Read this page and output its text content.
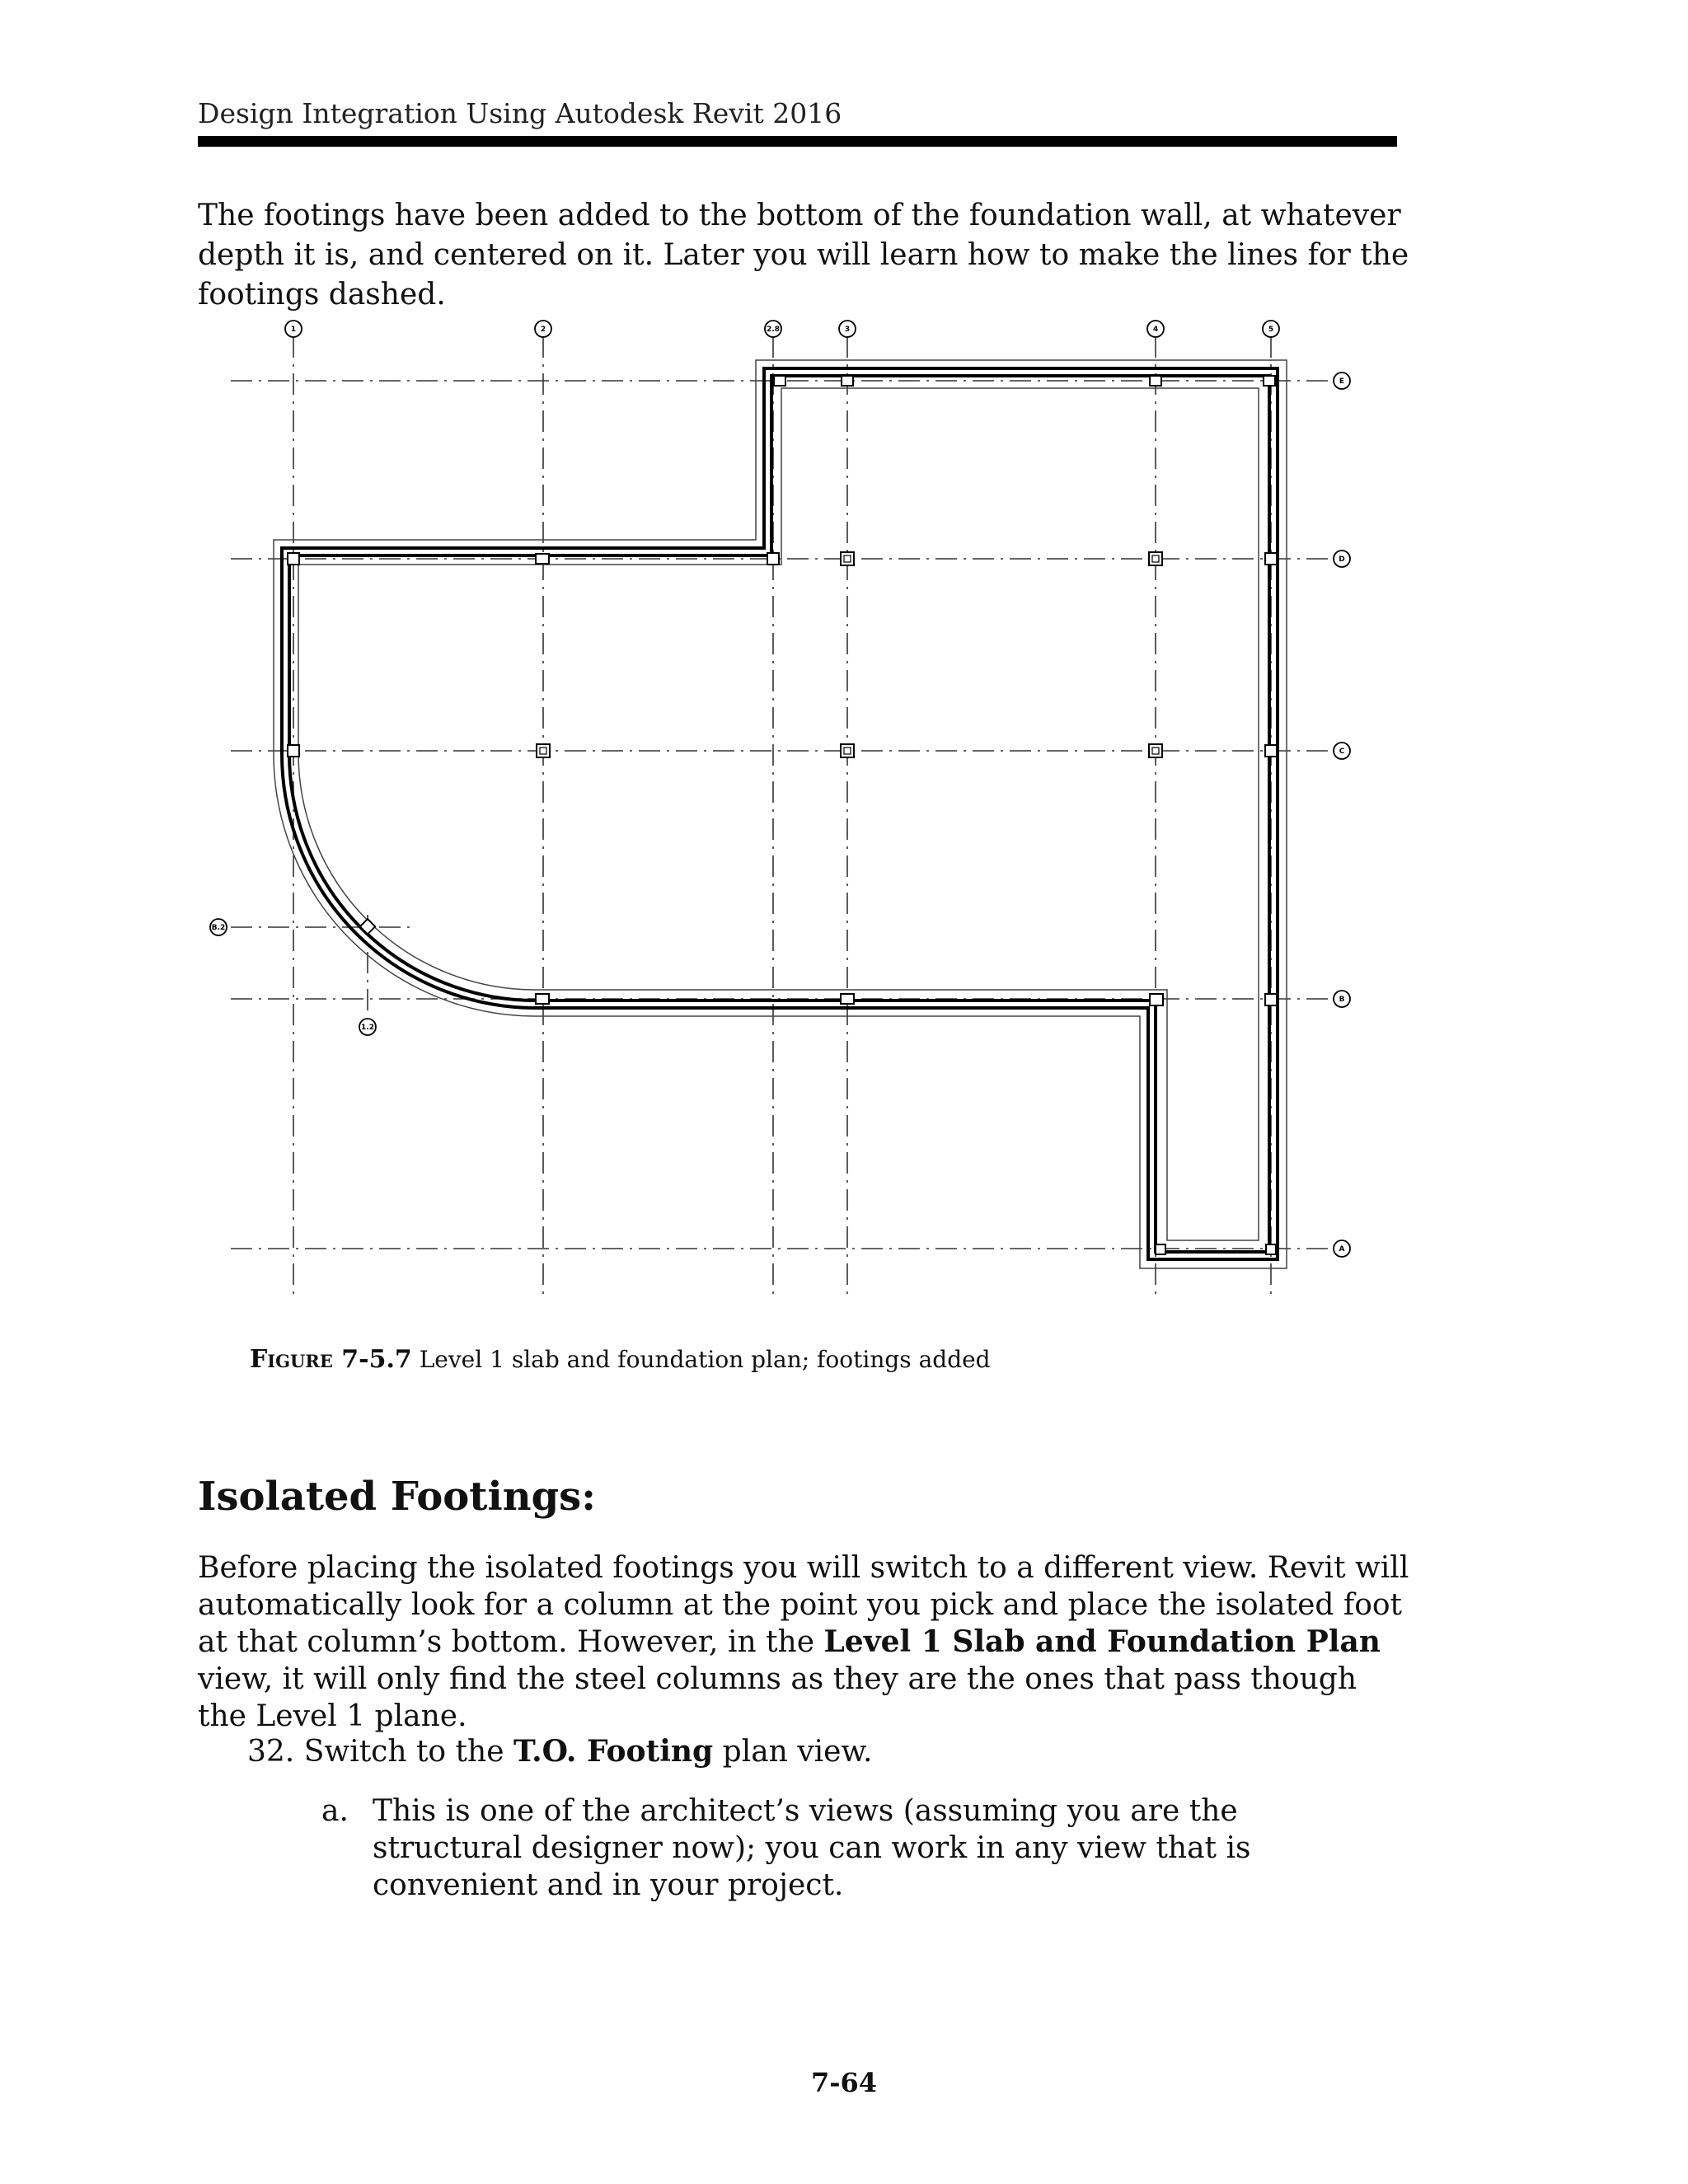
Design Integration Using Autodesk Revit 2016
The footings have been added to the bottom of the foundation wall, at whatever depth it is, and centered on it. Later you will learn how to make the lines for the footings dashed.
1	2	2.8	3	4	5
1.2
E
D
C
B.2
B
A
Figure 7-5.7 Level 1 slab and foundation plan; footings added
Isolated Footings:
Before placing the isolated footings you will switch to a different view. Revit will automatically look for a column at the point you pick and place the isolated foot at that column’s bottom. However, in the Level 1 Slab and Foundation Plan view, it will only find the steel columns as they are the ones that pass though the Level 1 plane.
32. Switch to the T.O. Footing plan view.
a. This is one of the architect’s views (assuming you are the structural designer now); you can work in any view that is convenient and in your project.
7-64
